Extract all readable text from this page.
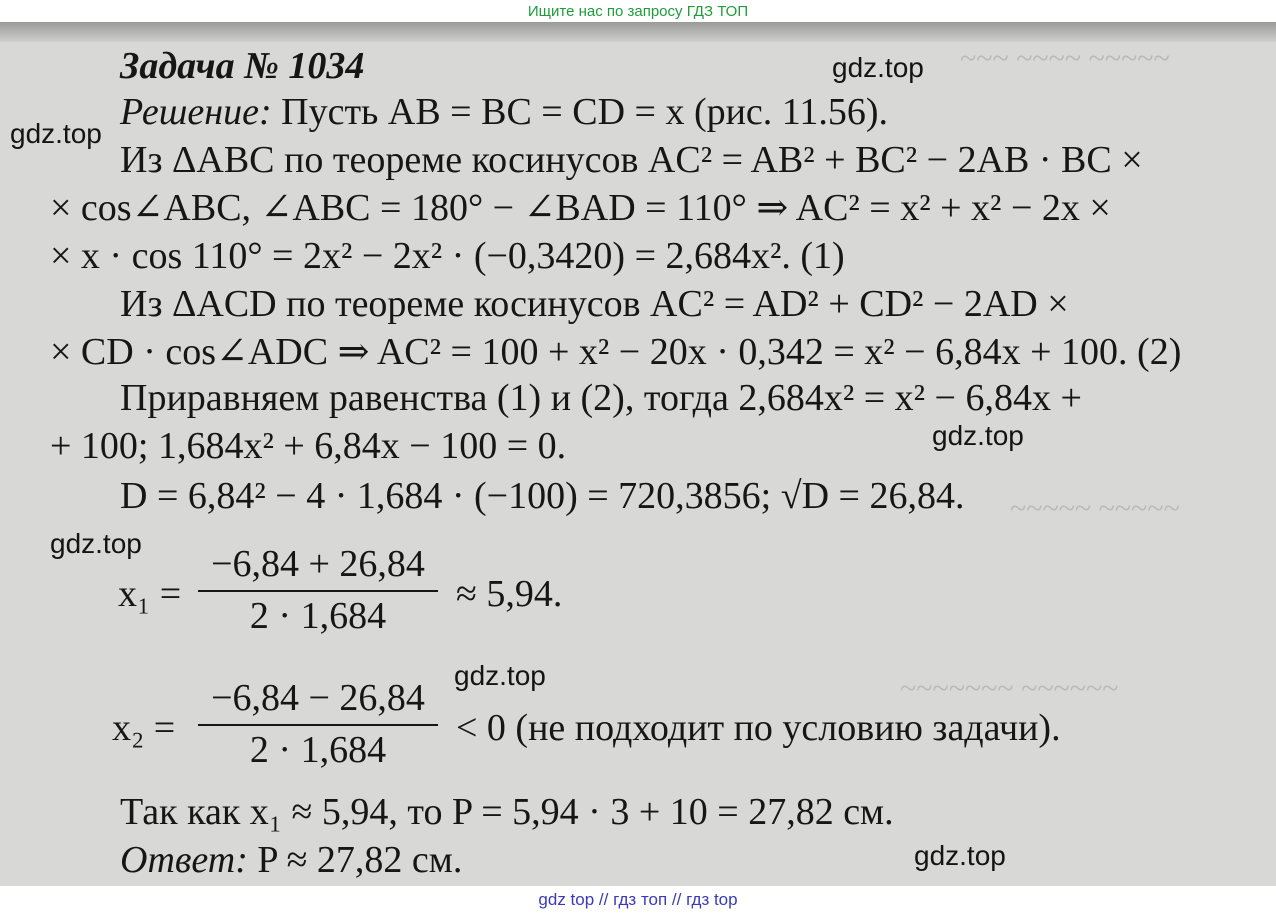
Ищите нас по запросу ГДЗ ТОП
~~~ ~~~~ ~~~~~
~~~~~ ~~~~~
~~~~~~~ ~~~~~~
Задача № 1034
Решение: Пусть AB = BC = CD = x (рис. 11.56).
Из ΔABC по теореме косинусов AC² = AB² + BC² − 2AB · BC ×
× cos∠ABC, ∠ABC = 180° − ∠BAD = 110° ⇒ AC² = x² + x² − 2x ×
× x · cos 110° = 2x² − 2x² · (−0,3420) = 2,684x². (1)
Из ΔACD по теореме косинусов AC² = AD² + CD² − 2AD ×
× CD · cos∠ADC ⇒ AC² = 100 + x² − 20x · 0,342 = x² − 6,84x + 100. (2)
Приравняем равенства (1) и (2), тогда 2,684x² = x² − 6,84x +
+ 100; 1,684x² + 6,84x − 100 = 0.
D = 6,84² − 4 · 1,684 · (−100) = 720,3856; √D = 26,84.
x₁ =
−6,84 + 26,84
2 · 1,684
≈ 5,94.
x₂ =
−6,84 − 26,84
2 · 1,684
< 0 (не подходит по условию задачи).
Так как x₁ ≈ 5,94, то P = 5,94 · 3 + 10 = 27,82 см.
Ответ: P ≈ 27,82 см.
gdz.top
gdz.top
gdz.top
gdz.top
gdz.top
gdz.top
gdz top // гдз топ // гдз top
